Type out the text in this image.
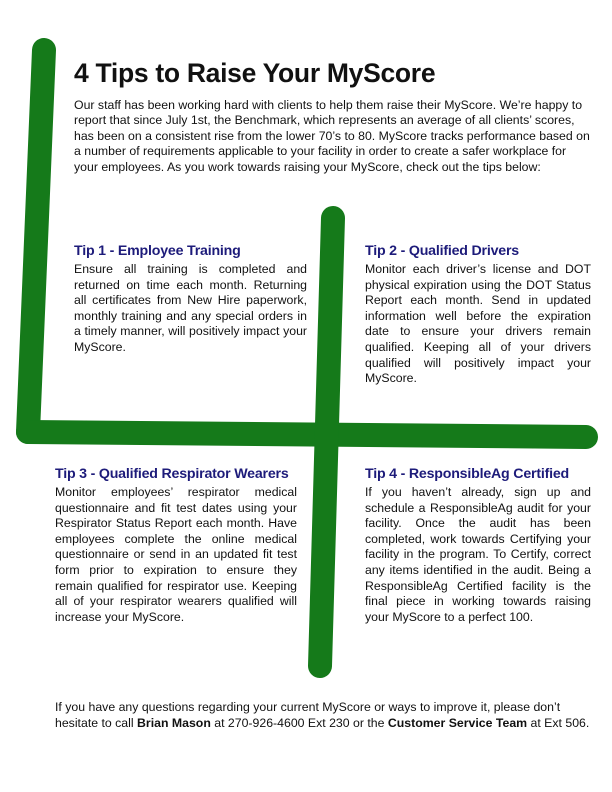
4 Tips to Raise Your MyScore

Our staff has been working hard with clients to help them raise their MyScore. We’re happy to report that since July 1st, the Benchmark, which represents an average of all clients’ scores, has been on a consistent rise from the lower 70’s to 80. MyScore tracks performance based on a number of requirements applicable to your facility in order to create a safer workplace for your employees. As you work towards raising your MyScore, check out the tips below:

Tip 1 - Employee Training

Ensure all training is completed and returned on time each month. Returning all certificates from New Hire paperwork, monthly training and any special orders in a timely manner, will positively impact your MyScore.

Tip 2 - Qualified Drivers

Monitor each driver’s license and DOT physical expiration using the DOT Status Report each month. Send in updated information well before the expiration date to ensure your drivers remain qualified. Keeping all of your drivers qualified will positively impact your MyScore.

Tip 3 - Qualified Respirator Wearers

Monitor employees’ respirator medical questionnaire and fit test dates using your Respirator Status Report each month. Have employees complete the online medical questionnaire or send in an updated fit test form prior to expiration to ensure they remain qualified for respirator use. Keeping all of your respirator wearers qualified will increase your MyScore.

Tip 4 - ResponsibleAg Certified

If you haven’t already, sign up and schedule a ResponsibleAg audit for your facility. Once the audit has been completed, work towards Certifying your facility in the program. To Certify, correct any items identified in the audit. Being a ResponsibleAg Certified facility is the final piece in working towards raising your MyScore to a perfect 100.

If you have any questions regarding your current MyScore or ways to improve it, please don’t hesitate to call Brian Mason at 270-926-4600 Ext 230 or the Customer Service Team at Ext 506.
